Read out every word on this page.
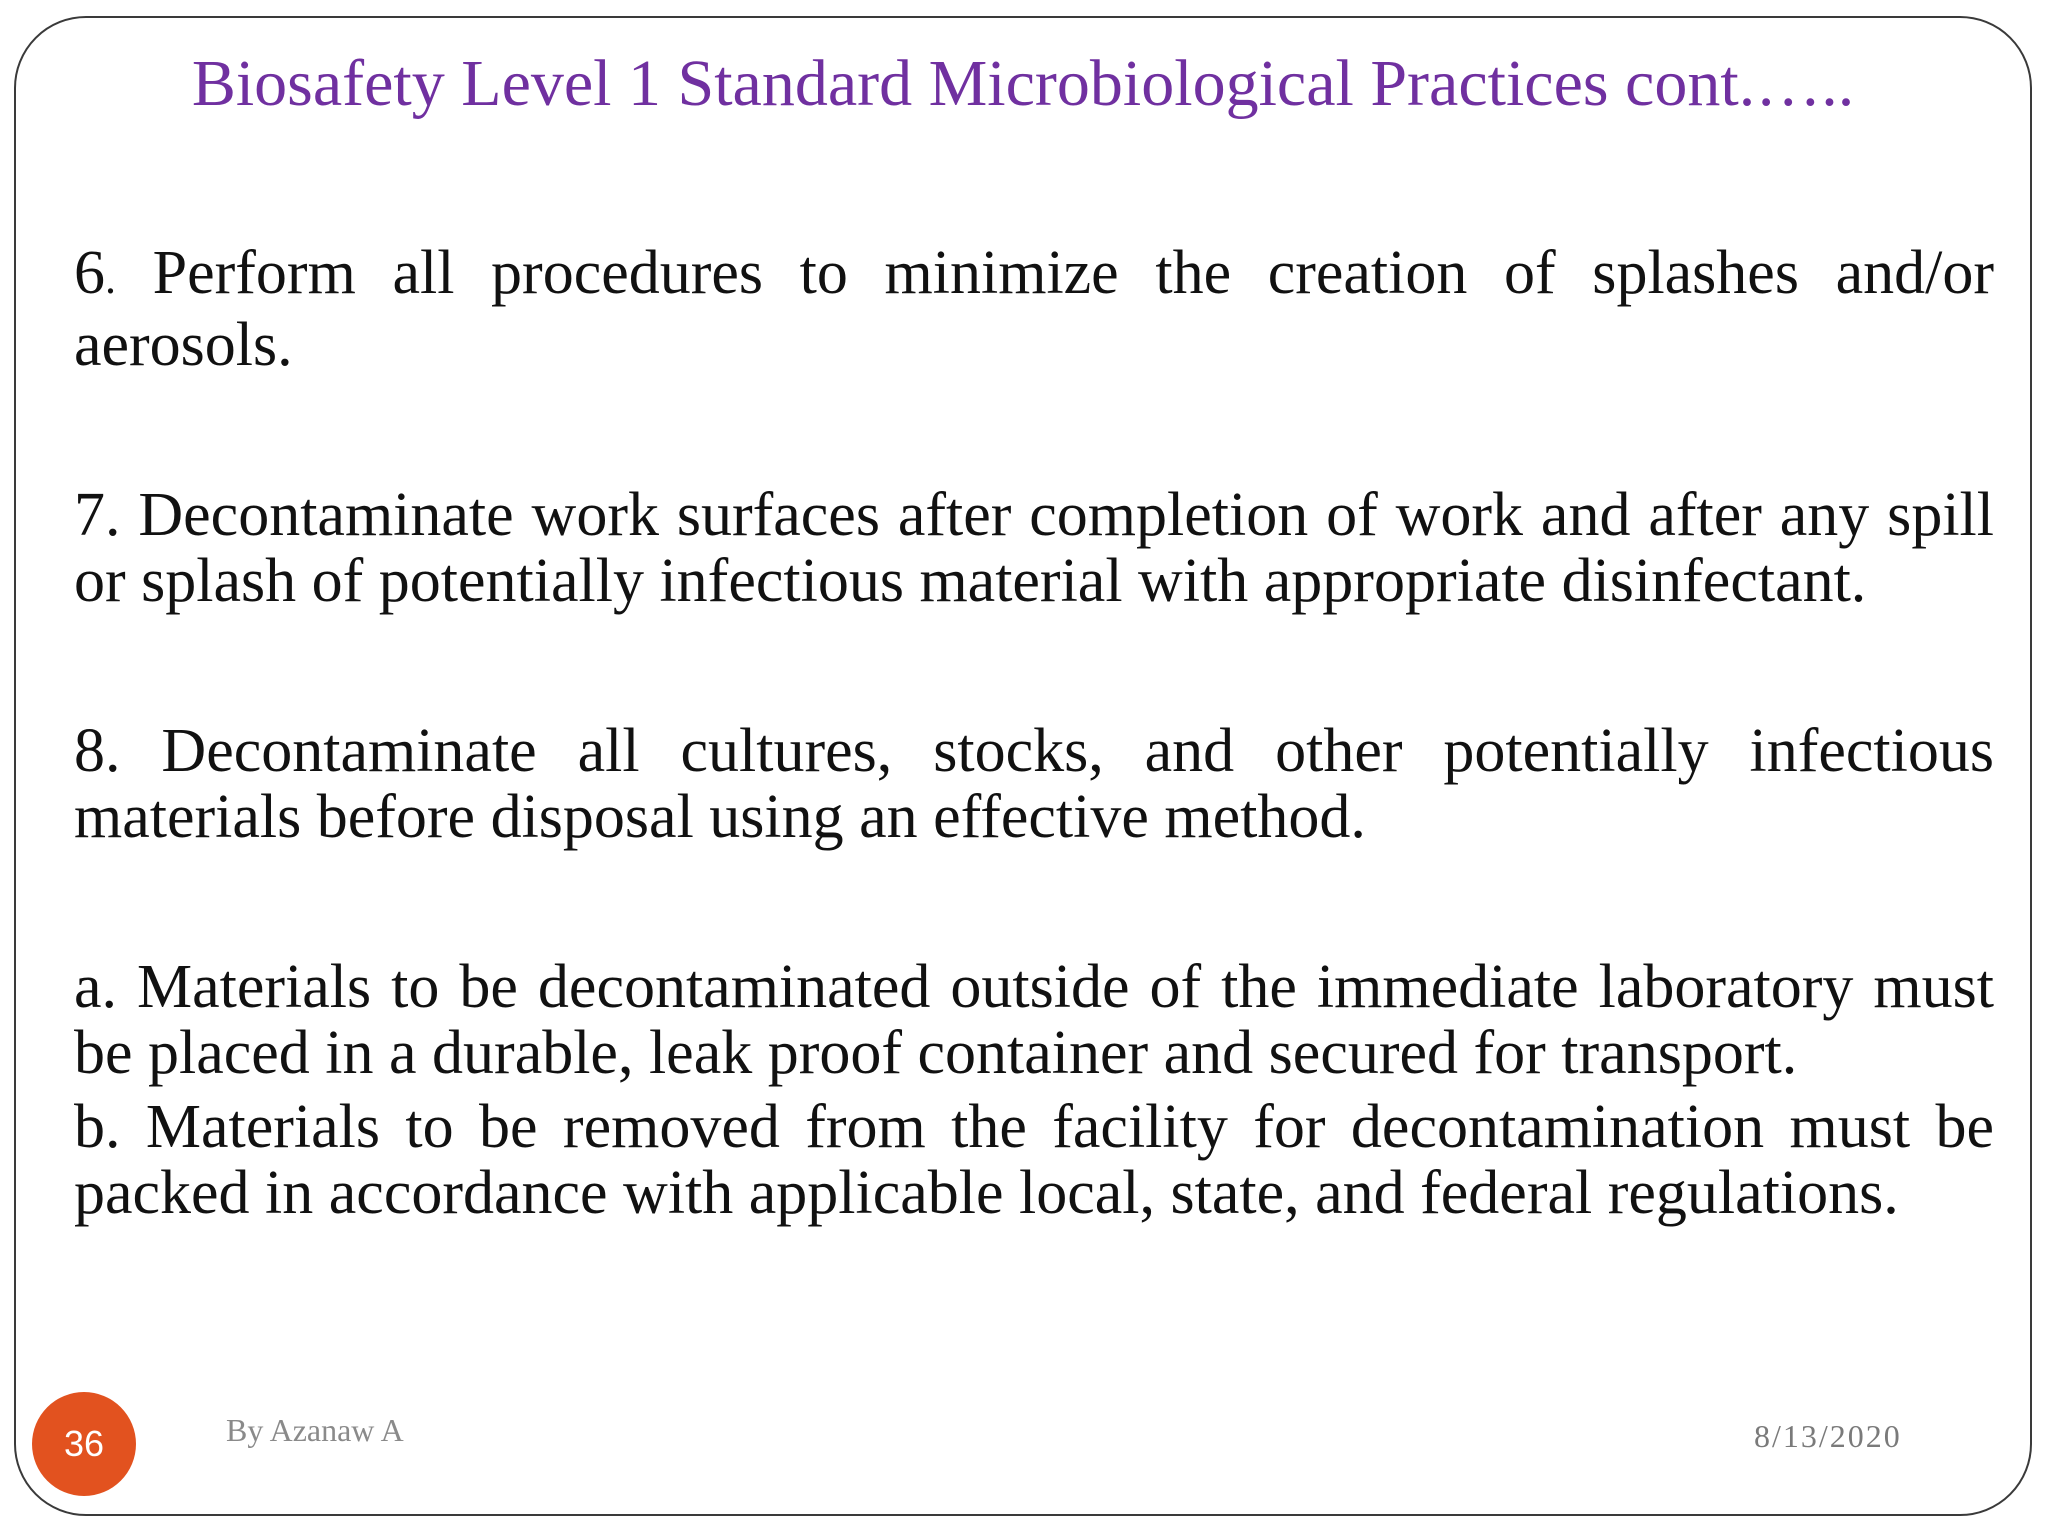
Biosafety Level 1 Standard Microbiological Practices cont.…..

6. Perform all procedures to minimize the creation of splashes and/or aerosols.

7. Decontaminate work surfaces after completion of work and after any spill or splash of potentially infectious material with appropriate disinfectant.

8. Decontaminate all cultures, stocks, and other potentially infectious materials before disposal using an effective method.

a. Materials to be decontaminated outside of the immediate laboratory must be placed in a durable, leak proof container and secured for transport.

b. Materials to be removed from the facility for decontamination must be packed in accordance with applicable local, state, and federal regulations.

36	By Azanaw A	8/13/2020
